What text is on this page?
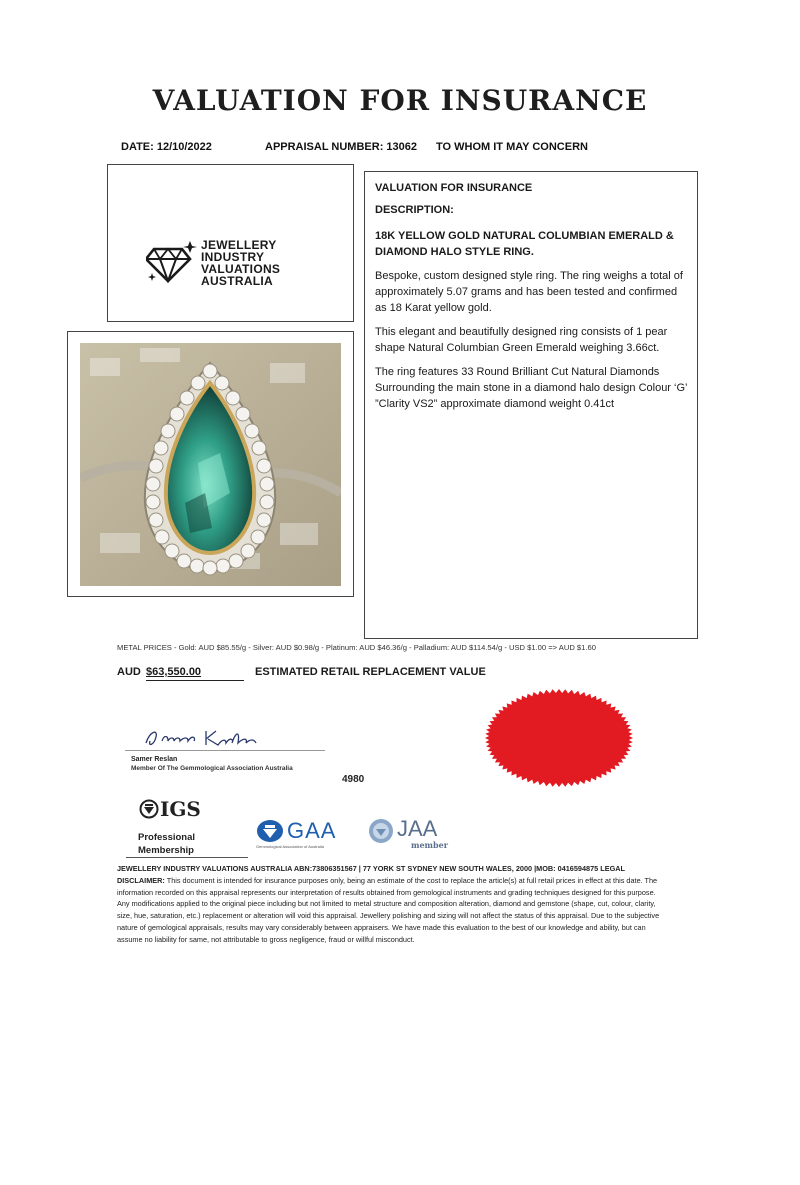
VALUATION FOR INSURANCE
DATE: 12/10/2022	APPRAISAL NUMBER: 13062 TO WHOM IT MAY CONCERN
JEWELLERY
INDUSTRY
VALUATIONS
AUSTRALIA

VALUATION FOR INSURANCE

DESCRIPTION:

18K YELLOW GOLD NATURAL COLUMBIAN EMERALD & DIAMOND HALO STYLE RING.

Bespoke, custom designed style ring. The ring weighs a total of approximately 5.07 grams and has been tested and confirmed as 18 Karat yellow gold.

This elegant and beautifully designed ring consists of 1 pear shape Natural Columbian Green Emerald weighing 3.66ct.

The ring features 33 Round Brilliant Cut Natural Diamonds Surrounding the main stone in a diamond halo design Colour ‘G’ ”Clarity VS2” approximate diamond weight 0.41ct

METAL PRICES - Gold: AUD $85.55/g - Silver: AUD $0.98/g - Platinum: AUD $46.36/g - Palladium: AUD $114.54/g - USD $1.00 => AUD $1.60
AUD $63,550.00	ESTIMATED RETAIL REPLACEMENT VALUE
Samer Reslan
Member Of The Gemmological Association Australia
4980
IGS
Professional
Membership
GAA
Gemmological Association of Australia
JAA
member
JEWELLERY INDUSTRY VALUATIONS AUSTRALIA ABN:73806351567 | 77 YORK ST SYDNEY NEW SOUTH WALES, 2000 |MOB: 0416594875 LEGAL DISCLAIMER: This document is intended for insurance purposes only, being an estimate of the cost to replace the article(s) at full retail prices in effect at this date. The information recorded on this appraisal represents our interpretation of results obtained from gemological instruments and grading techniques designed for this purpose. Any modifications applied to the original piece including but not limited to metal structure and composition alteration, diamond and gemstone (shape, cut, colour, clarity, size, hue, saturation, etc.) replacement or alteration will void this appraisal. Jewellery polishing and sizing will not affect the status of this appraisal. Due to the subjective nature of gemological appraisals, results may vary considerably between appraisers. We have made this evaluation to the best of our knowledge and ability, but can assume no liability for same, not attributable to gross negligence, fraud or willful misconduct.
